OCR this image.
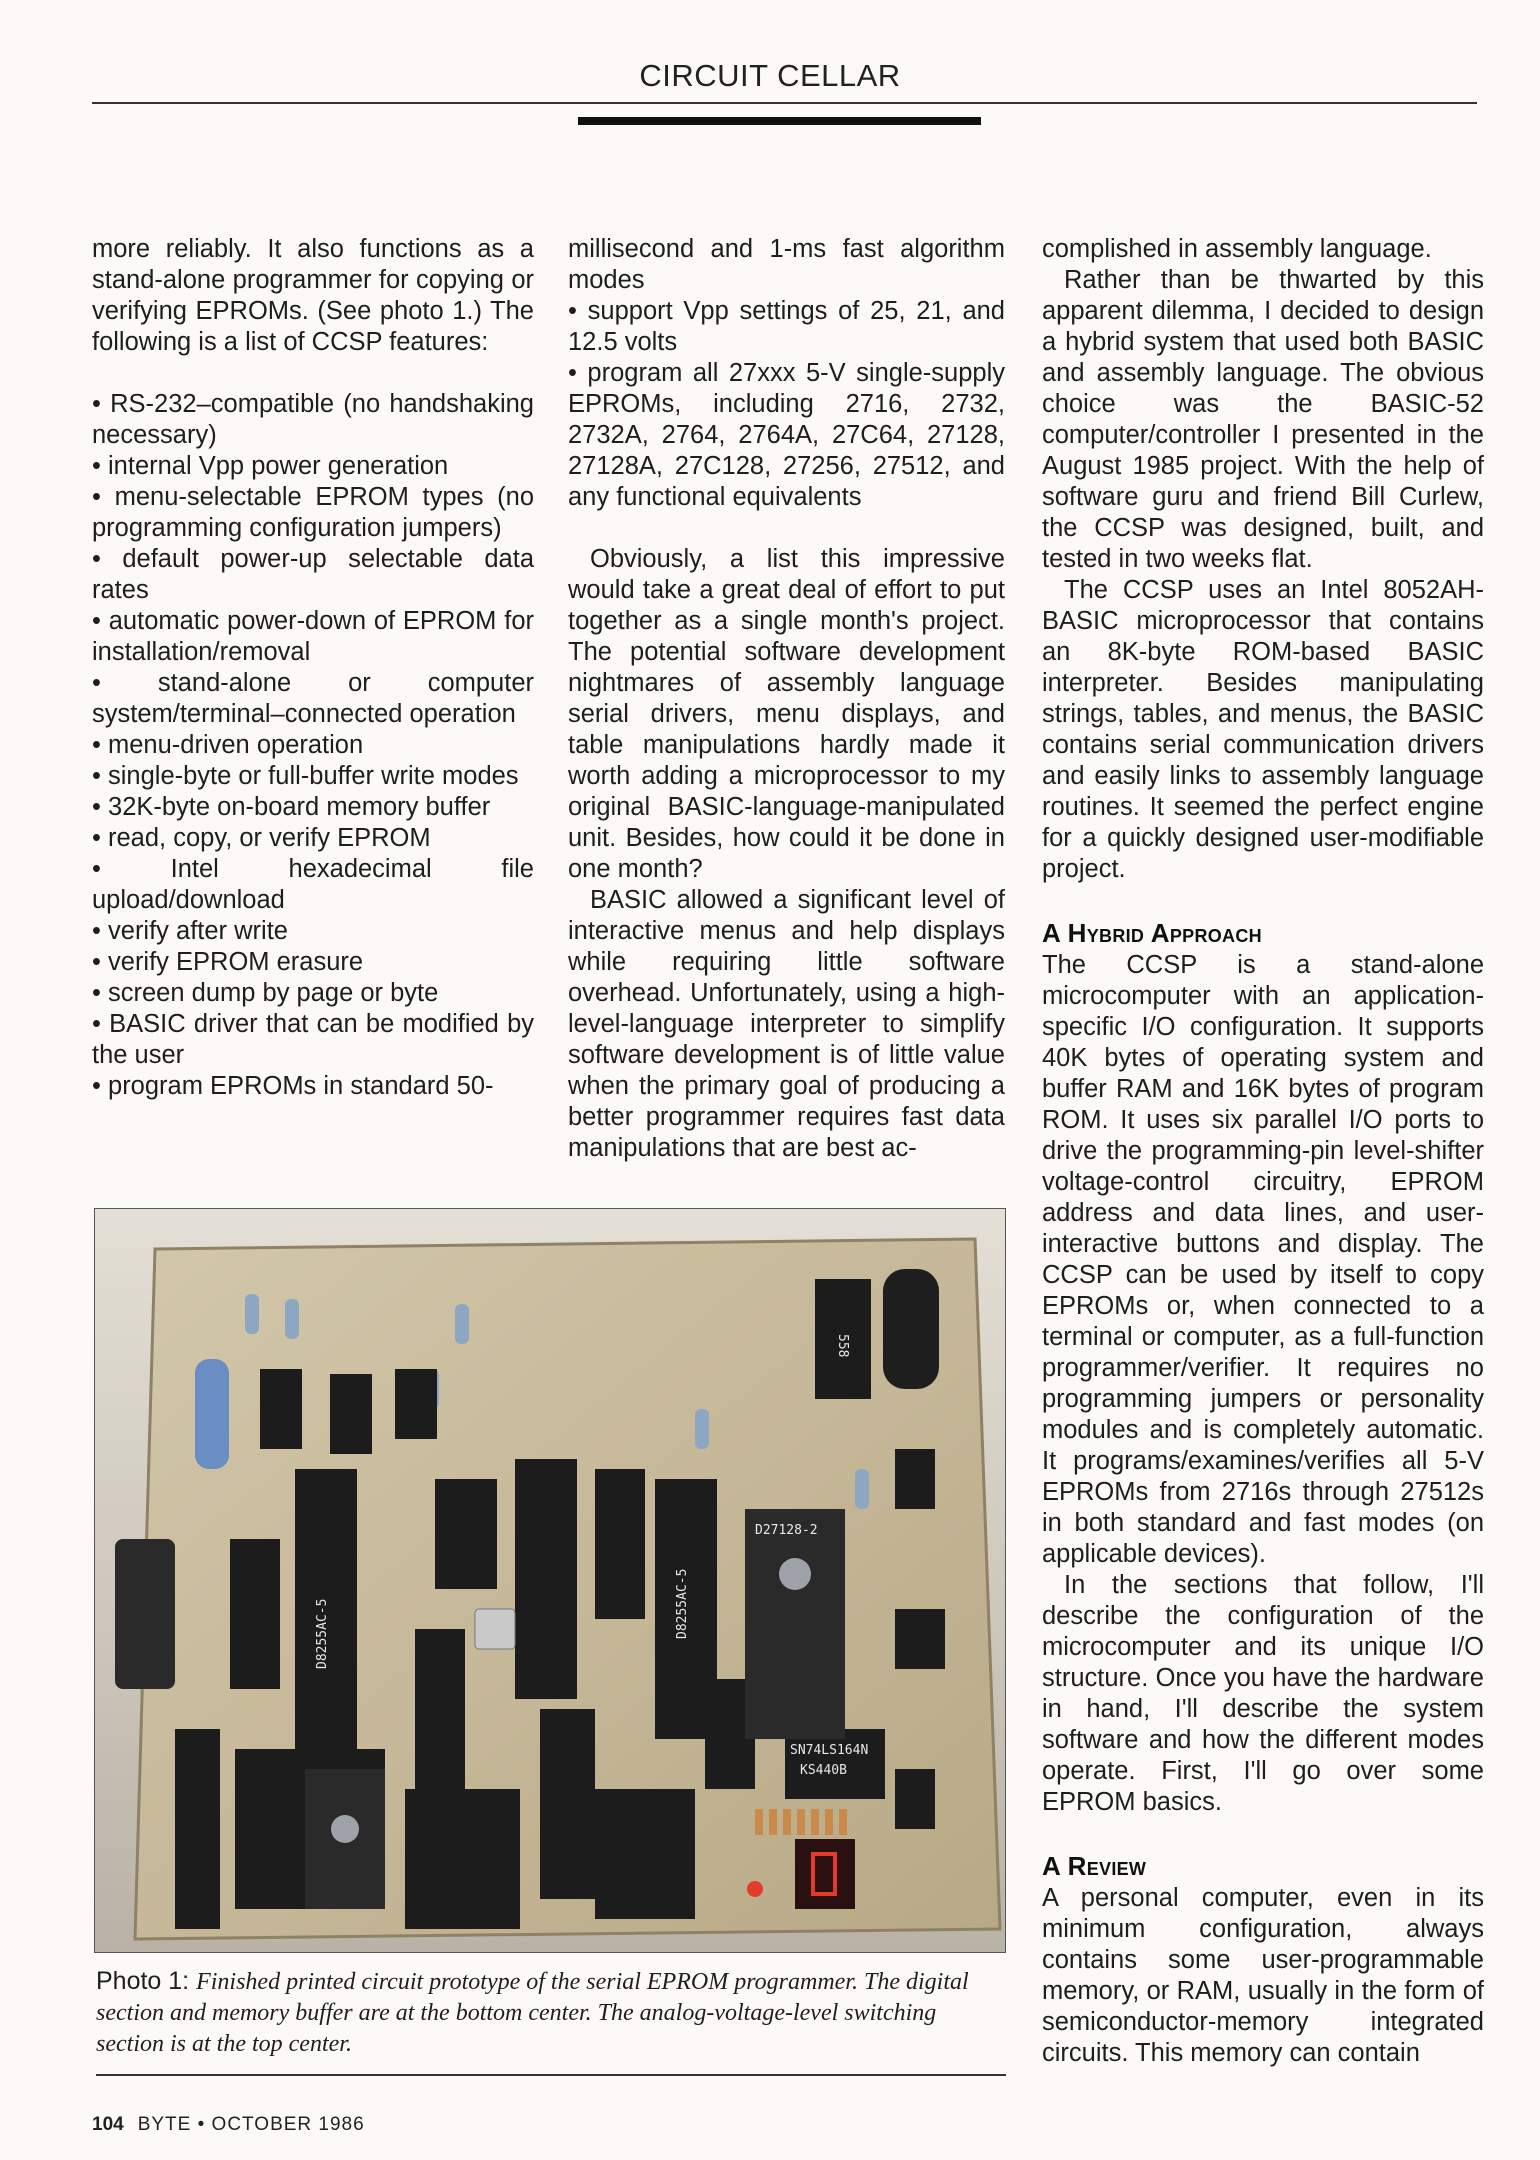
CIRCUIT CELLAR

more reliably. It also functions as a stand-alone programmer for copying or verifying EPROMs. (See photo 1.) The following is a list of CCSP features:

• RS-232–compatible (no handshaking necessary)

• internal Vpp power generation

• menu-selectable EPROM types (no programming configuration jumpers)

• default power-up selectable data rates

• automatic power-down of EPROM for installation/removal

• stand-alone or computer system/terminal–connected operation

• menu-driven operation

• single-byte or full-buffer write modes

• 32K-byte on-board memory buffer

• read, copy, or verify EPROM

• Intel hexadecimal file upload/download

• verify after write

• verify EPROM erasure

• screen dump by page or byte

• BASIC driver that can be modified by the user

• program EPROMs in standard 50-

millisecond and 1-ms fast algorithm modes

• support Vpp settings of 25, 21, and 12.5 volts

• program all 27xxx 5-V single-supply EPROMs, including 2716, 2732, 2732A, 2764, 2764A, 27C64, 27128, 27128A, 27C128, 27256, 27512, and any functional equivalents

Obviously, a list this impressive would take a great deal of effort to put together as a single month's project. The potential software development nightmares of assembly language serial drivers, menu displays, and table manipulations hardly made it worth adding a microprocessor to my original BASIC-language-manipulated unit. Besides, how could it be done in one month?

BASIC allowed a significant level of interactive menus and help displays while requiring little software overhead. Unfortunately, using a high-level-language interpreter to simplify software development is of little value when the primary goal of producing a better programmer requires fast data manipulations that are best ac-

complished in assembly language.

Rather than be thwarted by this apparent dilemma, I decided to design a hybrid system that used both BASIC and assembly language. The obvious choice was the BASIC-52 computer/controller I presented in the August 1985 project. With the help of software guru and friend Bill Curlew, the CCSP was designed, built, and tested in two weeks flat.

The CCSP uses an Intel 8052AH-BASIC microprocessor that contains an 8K-byte ROM-based BASIC interpreter. Besides manipulating strings, tables, and menus, the BASIC contains serial communication drivers and easily links to assembly language routines. It seemed the perfect engine for a quickly designed user-modifiable project.

A Hybrid Approach

The CCSP is a stand-alone microcomputer with an application-specific I/O configuration. It supports 40K bytes of operating system and buffer RAM and 16K bytes of program ROM. It uses six parallel I/O ports to drive the programming-pin level-shifter voltage-control circuitry, EPROM address and data lines, and user-interactive buttons and display. The CCSP can be used by itself to copy EPROMs or, when connected to a terminal or computer, as a full-function programmer/verifier. It requires no programming jumpers or personality modules and is completely automatic. It programs/examines/verifies all 5-V EPROMs from 2716s through 27512s in both standard and fast modes (on applicable devices).

In the sections that follow, I'll describe the configuration of the microcomputer and its unique I/O structure. Once you have the hardware in hand, I'll describe the system software and how the different modes operate. First, I'll go over some EPROM basics.

A Review

A personal computer, even in its minimum configuration, always contains some user-programmable memory, or RAM, usually in the form of semiconductor-memory integrated circuits. This memory can contain

D8255AC-5	D8255AC-5
SN74LS164N
KS440B
D27128-2
558
Photo 1: Finished printed circuit prototype of the serial EPROM programmer. The digital section and memory buffer are at the bottom center. The analog-voltage-level switching section is at the top center.
104 BYTE • OCTOBER 1986
